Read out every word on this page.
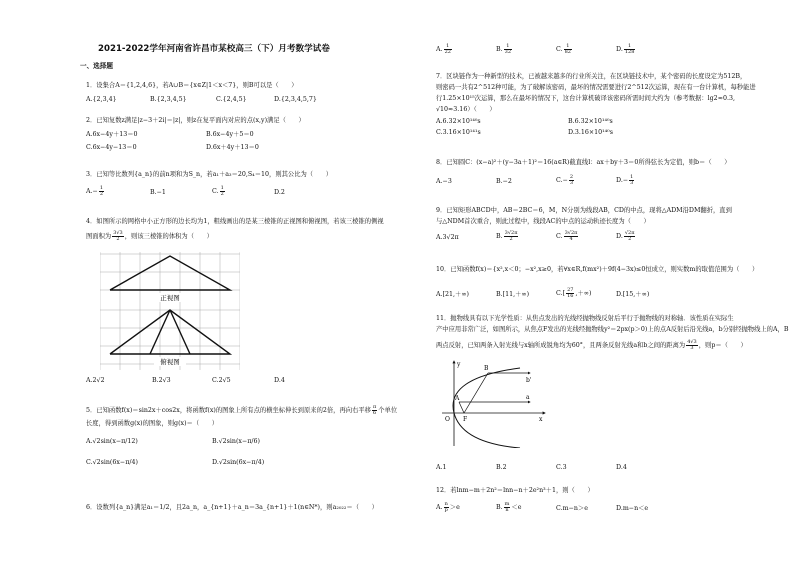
2021-2022学年河南省许昌市某校高三（下）月考数学试卷
一、选择题
1．设集合A＝{1,2,4,6}，若A∪B＝{x∈Z|1＜x＜7}，则B可以是（　　）
A.{2,3,4}	B.{2,3,4,5}	C.{2,4,5}	D.{2,3,4,5,7}
2．已知复数z满足|z−3＋2i|＝|z|，则z在复平面内对应的点(x,y)满足（　　）
A.6x−4y＋13＝0	B.6x−4y＋5＝0
C.6x−4y−13＝0	D.6x＋4y＋13＝0
3．已知等比数列{a_n}的前n项和为S_n，若a₁＋a₃＝20,S₄＝10，则其公比为（　　）
$A.- \frac{1}{2}$	B.−1	C. $\frac{1}{2}$	D.2
4．如图所示的网格中小正方形的边长均为1，粗线画出的是某三棱锥的正视图和俯视图，若该三棱锥的侧视
图面积为 $\frac{3√3}{2}$ ，则该三棱锥的体积为（　　）
正视图
俯视图
A.2√2	B.2√3	C.2√5	D.4
5．已知函数f(x)＝sin2x＋cos2x，将函数f(x)的图象上所有点的横坐标伸长到原来的2倍，再向右平移 $\frac{\pi}{6}$ 个单位
长度，得到函数g(x)的图象，则g(x)＝（　　）
A.√2sin(x−π/12)	B.√2sin(x−π/6)
C.√2sin(6x−π/4)	D.√2sin(6x−π/4)
6．设数列{a_n}满足a₁＝1/2，且2a_n，a_{n+1}＋a_n＝3a_{n+1}＋1(n∈N*)，则a₂₀₂₂＝（　　）
A. $\frac{1}{22}$	B. $\frac{1}{32}$	C. $\frac{1}{82}$	D. $\frac{1}{128}$
7．区块链作为一种新型的技术，已被越来越多的行业所关注，在区块链技术中，某个密码的长度设定为512B，
则密码一共有2^512种可能，为了破解该密码，最坏的情况需要进行2^512次运算，现在有一台计算机，每秒能进
行1.25×10¹⁵次运算，那么在最坏的情况下，这台计算机破译该密码所需时间大约为（参考数据：lg2≈0.3,
√10≈3.16）（　　）
A.6.32×10¹⁴⁰s	B.6.32×10¹⁴⁰s
C.3.16×10¹⁴¹s	D.3.16×10¹⁴⁰s
8．已知圆C：(x−a)²＋(y−3a＋1)²＝16(a∈R)截直线l：ax＋by＋3＝0所得弦长为定值，则b＝（　　）
A.−3	B.−2	$C.- \frac{2}{3}$	$D.- \frac{1}{3}$
9．已知矩形ABCD中，AB＝2BC＝6，M，N分别为线段AB，CD的中点，现将△ADM沿DM翻折，直到
与△NDM首次重合，则此过程中，线段AC的中点的运动轨迹长度为（　　）
A.3√2π	B. $\frac{3√2\pi}{2}$	C. $\frac{3√2\pi}{4}$	D. $\frac{√2\pi}{2}$
10．已知函数f(x)＝{x²,x＜0；−x²,x≥0，若∀x∈R,f(mx²)＋9f(4−3x)≤0恒成立，则实数m的取值范围为（　　）
A.[21,＋∞)	B.[11,＋∞)	$C.[ \frac{27}{16}$ ,＋∞)	D.[15,＋∞)
11．抛物线具有以下光学性质：从焦点发出的光线经抛物线反射后平行于抛物线的对称轴．该性质在实际生
产中应用非常广泛，如图所示，从焦点F发出的光线经抛物线y²＝2px(p＞0)上的点A反射后沿光线a，b分别经抛物线上的A，B
两点反射，已知两条入射光线与x轴所成锐角均为60°，且两条反射光线a和b之间的距离为 $\frac{4√3}{3}$ ，则p＝（　　）
B
A
b'
a
O F	x
y
A.1	B.2	C.3	D.4
12．若lnm−m＋2n²＝lnn−n＋2e²n³＋1，则（　　）
A. $\frac{n}{p} >e$	B. $\frac{m}{n} <e$	C.m−n＞e	D.m−n＜e
